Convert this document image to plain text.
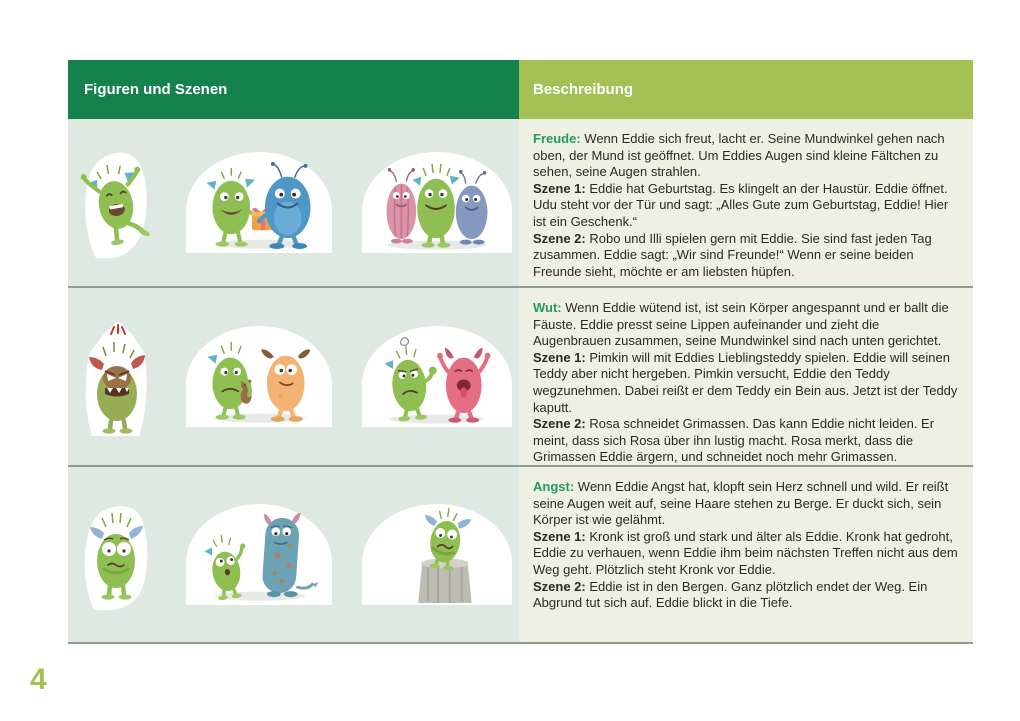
Figuren und Szenen	Beschreibung

Freude: Wenn Eddie sich freut, lacht er. Seine Mundwinkel gehen nach oben, der Mund ist geöffnet. Um Eddies Augen sind kleine Fältchen zu sehen, seine Augen strahlen.

Szene 1: Eddie hat Geburtstag. Es klingelt an der Haustür. Eddie öffnet. Udu steht vor der Tür und sagt: „Alles Gute zum Geburtstag, Eddie! Hier ist ein Geschenk.“

Szene 2: Robo und Illi spielen gern mit Eddie. Sie sind fast jeden Tag zusammen. Eddie sagt: „Wir sind Freunde!“ Wenn er seine beiden Freunde sieht, möchte er am liebsten hüpfen.

Wut: Wenn Eddie wütend ist, ist sein Körper angespannt und er ballt die Fäuste. Eddie presst seine Lippen aufeinander und zieht die Augenbrauen zusammen, seine Mundwinkel sind nach unten gerichtet.

Szene 1: Pimkin will mit Eddies Lieblingsteddy spielen. Eddie will seinen Teddy aber nicht hergeben. Pimkin versucht, Eddie den Teddy wegzunehmen. Dabei reißt er dem Teddy ein Bein aus. Jetzt ist der Teddy kaputt.

Szene 2: Rosa schneidet Grimassen. Das kann Eddie nicht leiden. Er meint, dass sich Rosa über ihn lustig macht. Rosa merkt, dass die Grimassen Eddie ärgern, und schneidet noch mehr Grimassen.

Angst: Wenn Eddie Angst hat, klopft sein Herz schnell und wild. Er reißt seine Augen weit auf, seine Haare stehen zu Berge. Er duckt sich, sein Körper ist wie gelähmt.

Szene 1: Kronk ist groß und stark und älter als Eddie. Kronk hat gedroht, Eddie zu verhauen, wenn Eddie ihm beim nächsten Treffen nicht aus dem Weg geht. Plötzlich steht Kronk vor Eddie.

Szene 2: Eddie ist in den Bergen. Ganz plötzlich endet der Weg. Ein Abgrund tut sich auf. Eddie blickt in die Tiefe.

4
